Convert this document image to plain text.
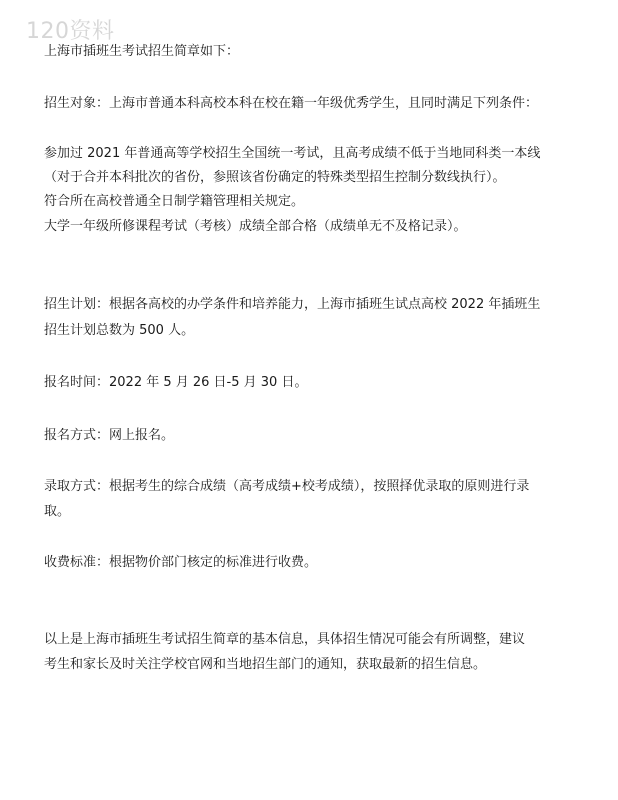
120资料
上海市插班生考试招生简章如下：
招生对象：上海市普通本科高校本科在校在籍一年级优秀学生，且同时满足下列条件：
参加过 2021 年普通高等学校招生全国统一考试，且高考成绩不低于当地同科类一本线
（对于合并本科批次的省份，参照该省份确定的特殊类型招生控制分数线执行）。
符合所在高校普通全日制学籍管理相关规定。
大学一年级所修课程考试（考核）成绩全部合格（成绩单无不及格记录）。
招生计划：根据各高校的办学条件和培养能力，上海市插班生试点高校 2022 年插班生
招生计划总数为 500 人。
报名时间：2022 年 5 月 26 日-5 月 30 日。
报名方式：网上报名。
录取方式：根据考生的综合成绩（高考成绩+校考成绩），按照择优录取的原则进行录
取。
收费标准：根据物价部门核定的标准进行收费。
以上是上海市插班生考试招生简章的基本信息，具体招生情况可能会有所调整，建议
考生和家长及时关注学校官网和当地招生部门的通知，获取最新的招生信息。
